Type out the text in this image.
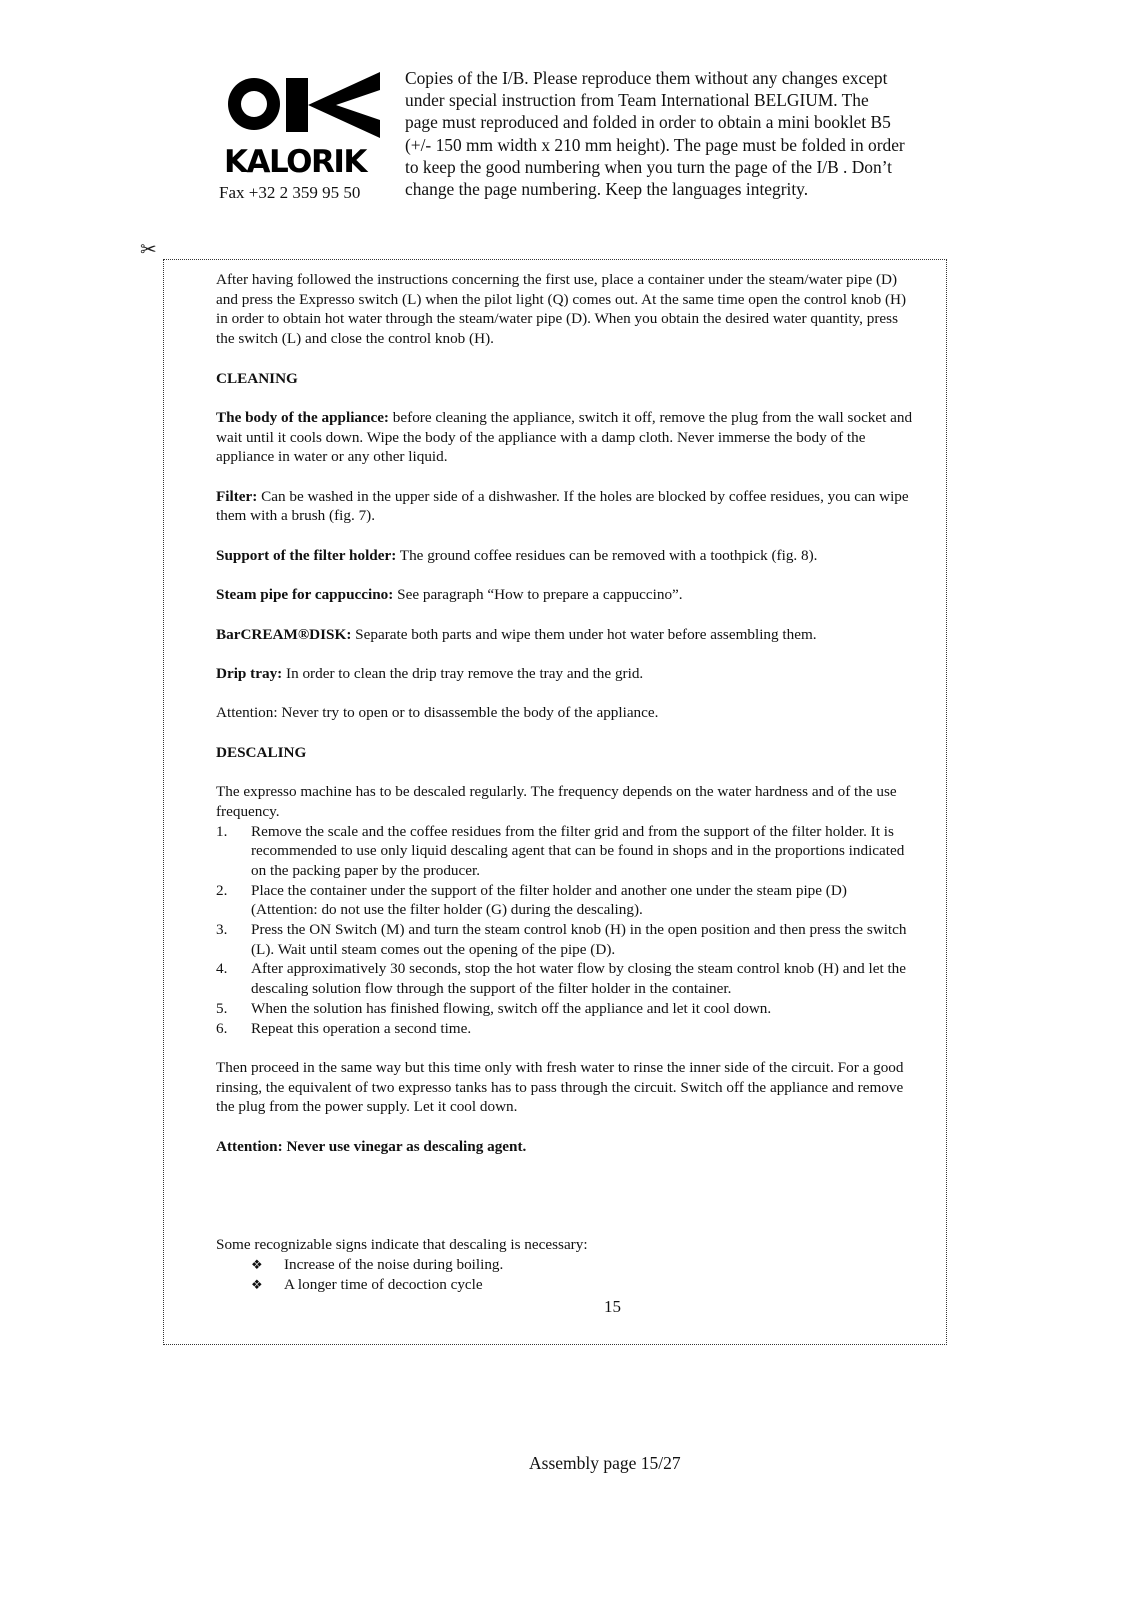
KALORIK
Fax +32 2 359 95 50

Copies of the I/B. Please reproduce them without any changes except under special instruction from Team International BELGIUM. The page must reproduced and folded in order to obtain a mini booklet B5 (+/- 150 mm width x 210 mm height). The page must be folded in order to keep the good numbering when you turn the page of the I/B . Don’t change the page numbering. Keep the languages integrity.

✂

After having followed the instructions concerning the first use, place a container under the steam/water pipe (D) and press the Expresso switch (L) when the pilot light (Q) comes out. At the same time open the control knob (H) in order to obtain hot water through the steam/water pipe (D). When you obtain the desired water quantity, press the switch (L) and close the control knob (H).

CLEANING

The body of the appliance: before cleaning the appliance, switch it off, remove the plug from the wall socket and wait until it cools down. Wipe the body of the appliance with a damp cloth. Never immerse the body of the appliance in water or any other liquid.

Filter: Can be washed in the upper side of a dishwasher. If the holes are blocked by coffee residues, you can wipe them with a brush (fig. 7).

Support of the filter holder: The ground coffee residues can be removed with a toothpick (fig. 8).

Steam pipe for cappuccino: See paragraph “How to prepare a cappuccino”.

BarCREAM®DISK: Separate both parts and wipe them under hot water before assembling them.

Drip tray: In order to clean the drip tray remove the tray and the grid.

Attention: Never try to open or to disassemble the body of the appliance.

DESCALING
The expresso machine has to be descaled regularly. The frequency depends on the water hardness and of the use frequency.
1. Remove the scale and the coffee residues from the filter grid and from the support of the filter holder. It is recommended to use only liquid descaling agent that can be found in shops and in the proportions indicated on the packing paper by the producer.
2. Place the container under the support of the filter holder and another one under the steam pipe (D) (Attention: do not use the filter holder (G) during the descaling).
3. Press the ON Switch (M) and turn the steam control knob (H) in the open position and then press the switch (L). Wait until steam comes out the opening of the pipe (D).
4. After approximatively 30 seconds, stop the hot water flow by closing the steam control knob (H) and let the descaling solution flow through the support of the filter holder in the container.
5. When the solution has finished flowing, switch off the appliance and let it cool down.
6. Repeat this operation a second time.

Then proceed in the same way but this time only with fresh water to rinse the inner side of the circuit. For a good rinsing, the equivalent of two expresso tanks has to pass through the circuit. Switch off the appliance and remove the plug from the power supply. Let it cool down.

Attention: Never use vinegar as descaling agent.

Some recognizable signs indicate that descaling is necessary:
❖ Increase of the noise during boiling.
❖ A longer time of decoction cycle
15
Assembly page 15/27
